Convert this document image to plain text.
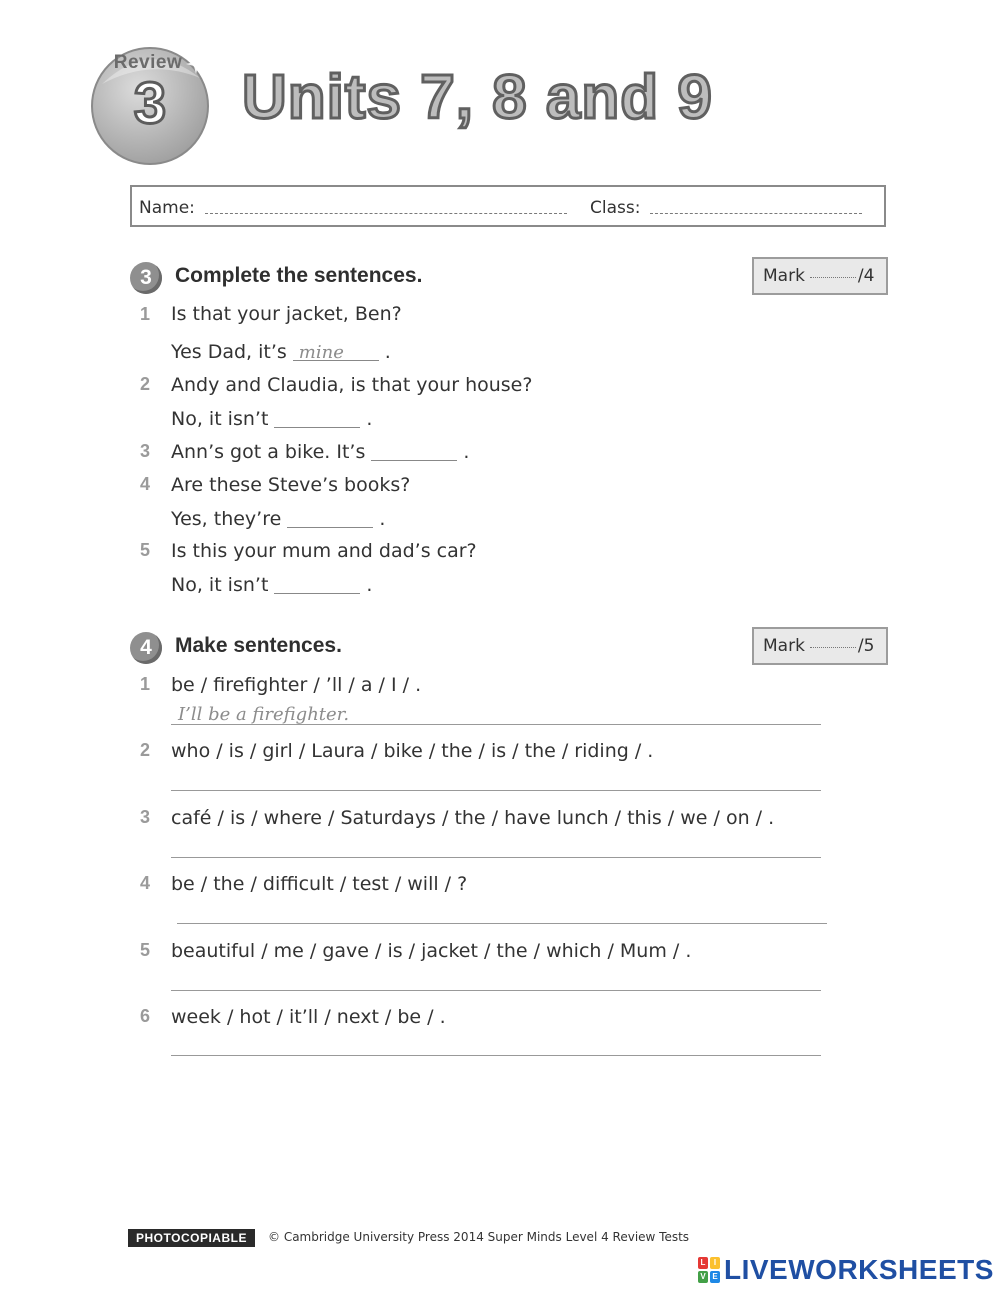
Review
3	Units 7, 8 and 9
Name:	Class:
3	Complete the sentences.	Mark	/4
1 Is that your jacket, Ben?
Yes Dad, it’s mine .
2 Andy and Claudia, is that your house?
No, it isn’t	.
3 Ann’s got a bike. It’s	.
4 Are these Steve’s books?
Yes, they’re	.
5 Is this your mum and dad’s car?
No, it isn’t	.
4	Make sentences.	Mark	/5
1 be / firefighter / ’ll / a / I / .
I’ll be a firefighter.
2 who / is / girl / Laura / bike / the / is / the / riding / .
3 café / is / where / Saturdays / the / have lunch / this / we / on / .
4 be / the / difficult / test / will / ?
5 beautiful / me / gave / is / jacket / the / which / Mum / .
6 week / hot / it’ll / next / be / .
PHOTOCOPIABLE	© Cambridge University Press 2014 Super Minds Level 4 Review Tests
L	I
V E LIVEWORKSHEETS
